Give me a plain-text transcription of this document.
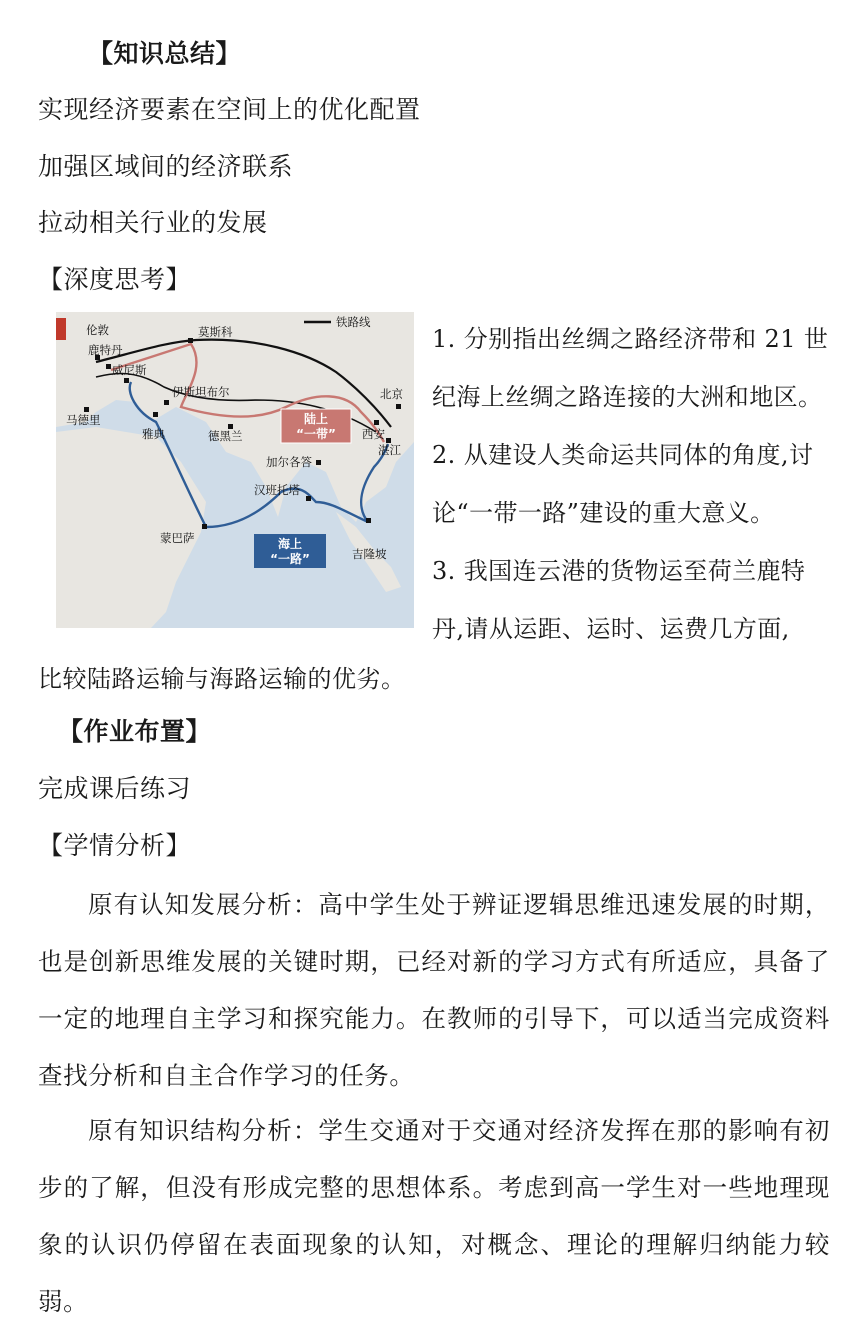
【知识总结】
实现经济要素在空间上的优化配置
加强区域间的经济联系
拉动相关行业的发展
【深度思考】
铁路线
伦敦
鹿特丹
莫斯科
威尼斯
伊斯坦布尔
马德里
雅典	德黑兰
北京
西安
湛江
加尔各答
汉班托塔
蒙巴萨
吉隆坡
陆上
“一带”
海上
“一路”
1. 分别指出丝绸之路经济带和 21 世纪海上丝绸之路连接的大洲和地区。
2. 从建设人类命运共同体的角度,讨论“一带一路”建设的重大意义。
3. 我国连云港的货物运至荷兰鹿特丹,请从运距、运时、运费几方面,
比较陆路运输与海路运输的优劣。
【作业布置】
完成课后练习
【学情分析】
原有认知发展分析：高中学生处于辨证逻辑思维迅速发展的时期，也是创新思维发展的关键时期，已经对新的学习方式有所适应，具备了一定的地理自主学习和探究能力。在教师的引导下，可以适当完成资料查找分析和自主合作学习的任务。
原有知识结构分析：学生交通对于交通对经济发挥在那的影响有初步的了解，但没有形成完整的思想体系。考虑到高一学生对一些地理现象的认识仍停留在表面现象的认知，对概念、理论的理解归纳能力较弱。
